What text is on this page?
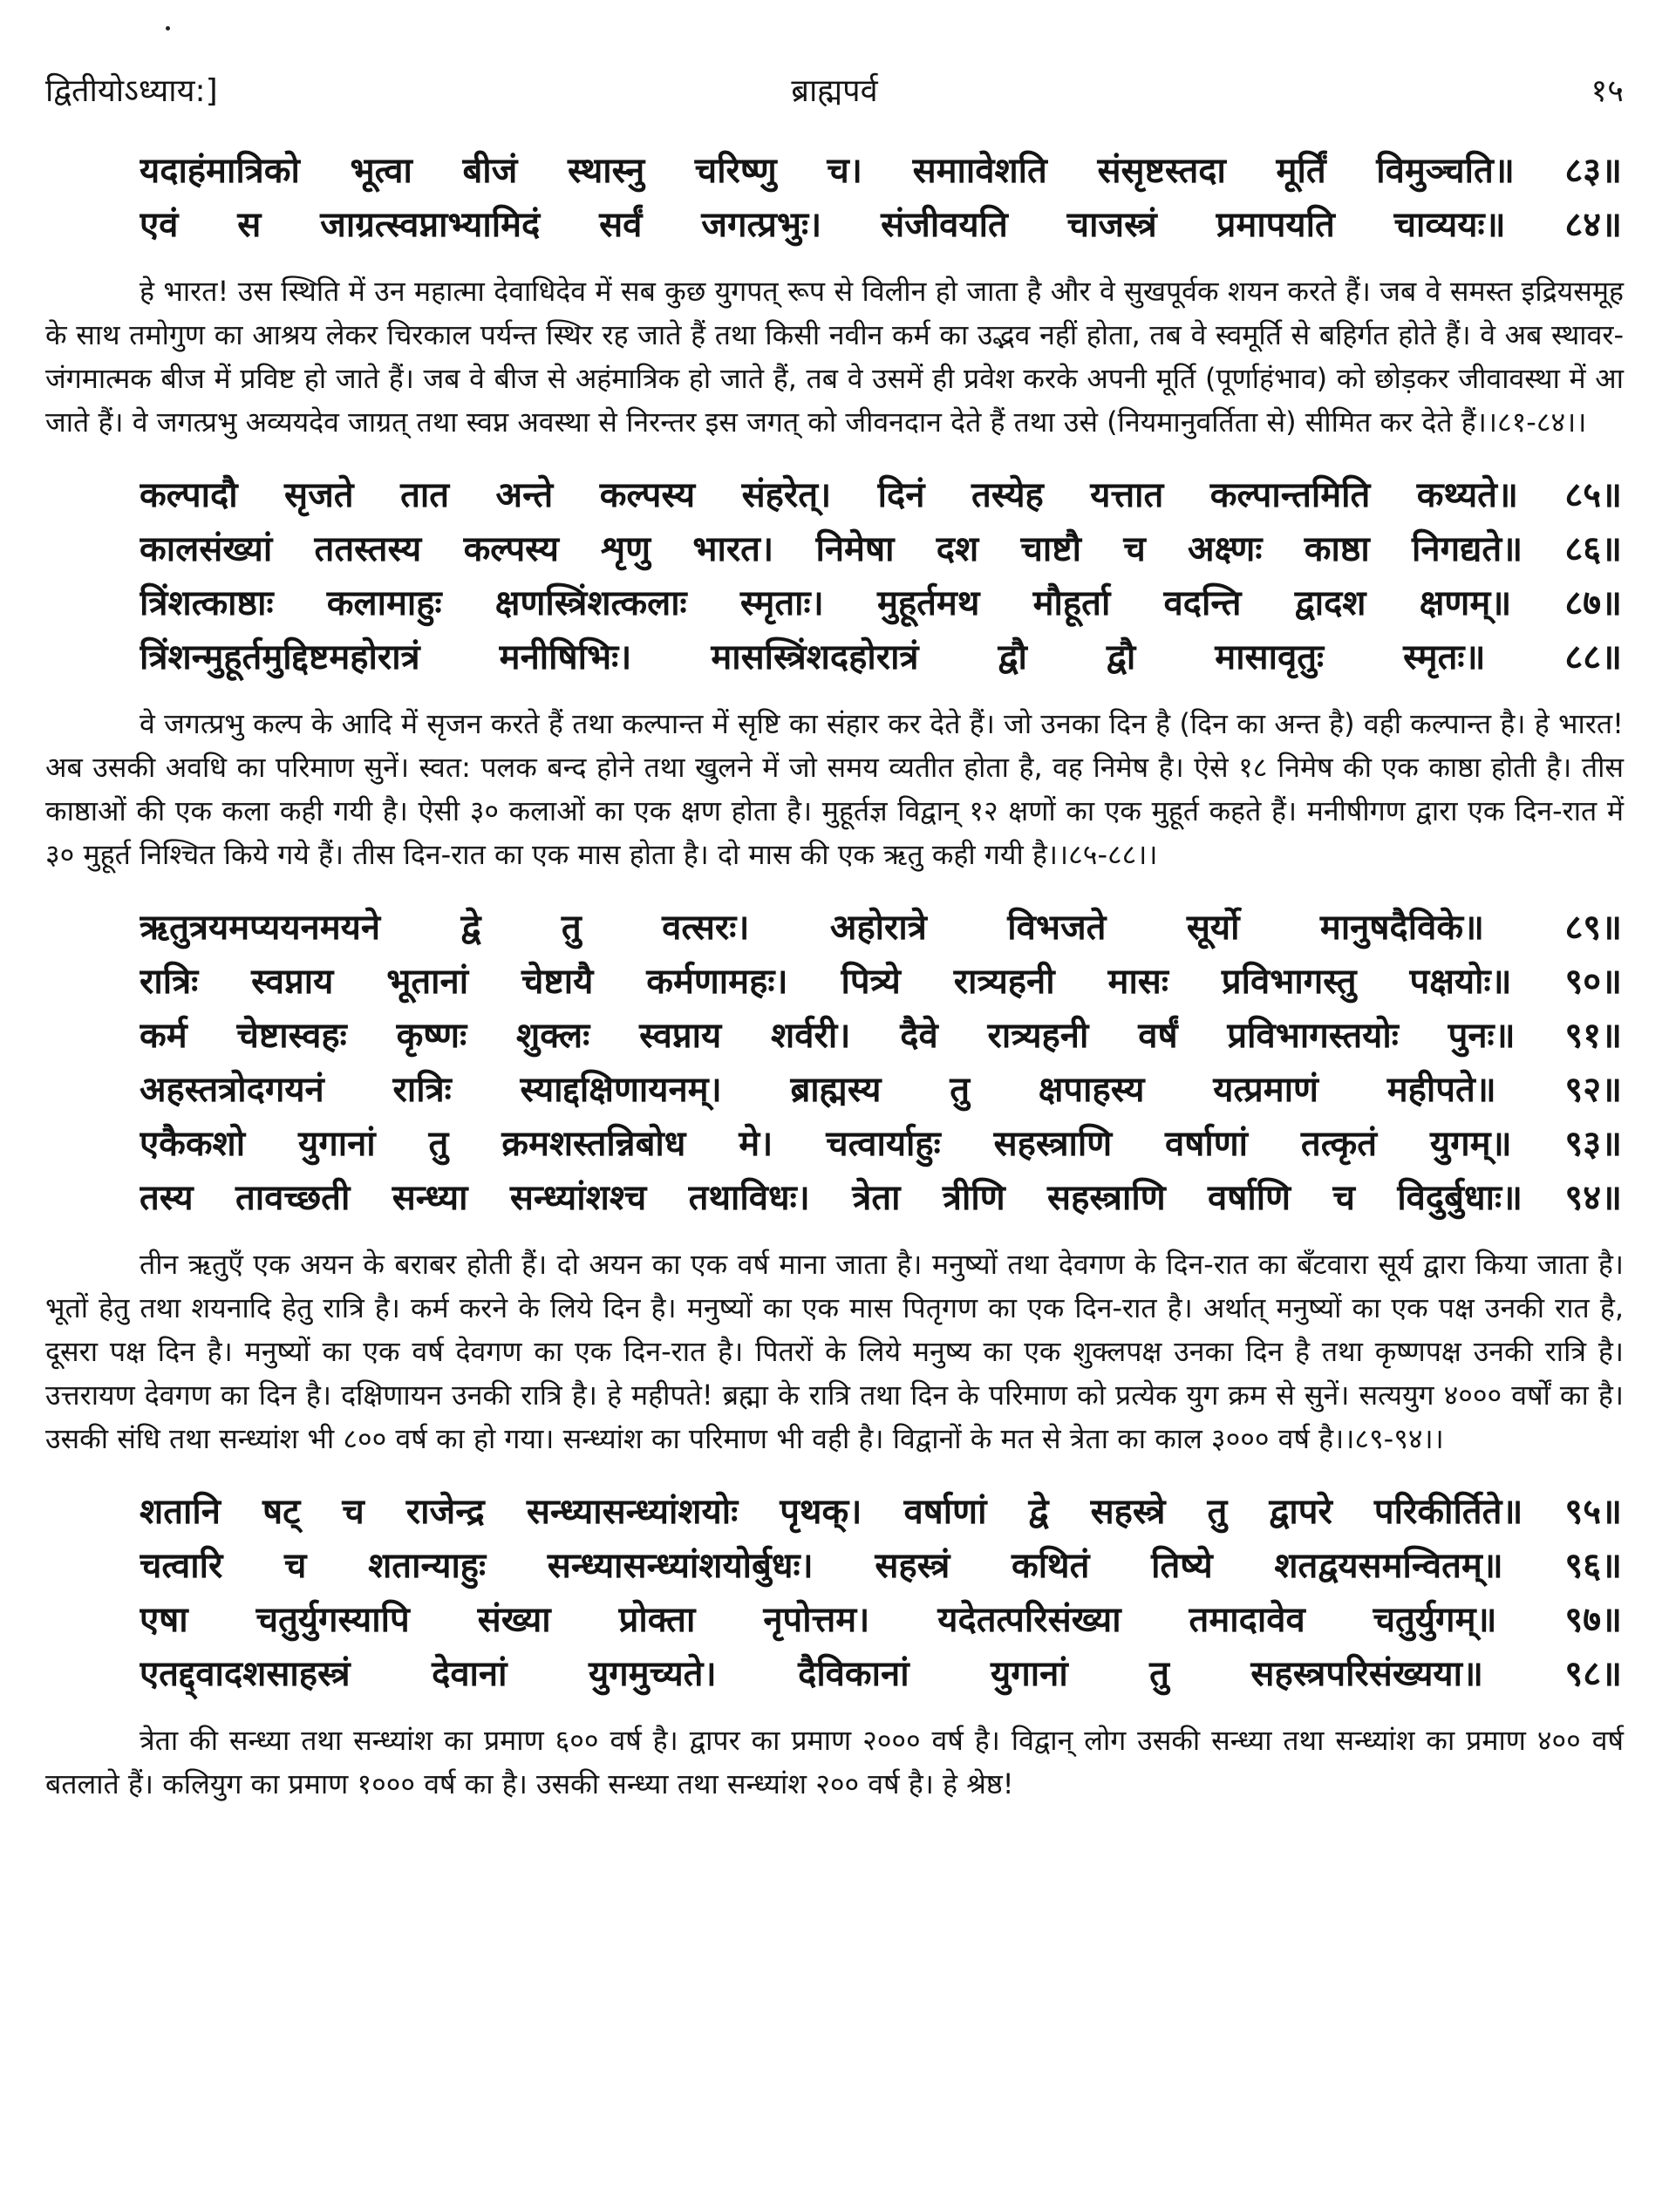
द्वितीयोऽध्याय:]	ब्राह्मपर्व	१५
यदाहंमात्रिको भूत्वा बीजं स्थास्नु चरिष्णु च। समाावेशति संसृष्टस्तदा मूर्तिं विमुञ्चति॥ ८३॥
एवं स जाग्रत्स्वप्नाभ्यामिदं सर्वं जगत्प्रभुः। संजीवयति चाजस्त्रं प्रमापयति चाव्ययः॥ ८४॥

हे भारत! उस स्थिति में उन महात्मा देवाधिदेव में सब कुछ युगपत् रूप से विलीन हो जाता है और वे सुखपूर्वक शयन करते हैं। जब वे समस्त इद्रियसमूह के साथ तमोगुण का आश्रय लेकर चिरकाल पर्यन्त स्थिर रह जाते हैं तथा किसी नवीन कर्म का उद्भव नहीं होता, तब वे स्वमूर्ति से बहिर्गत होते हैं। वे अब स्थावर- जंगमात्मक बीज में प्रविष्ट हो जाते हैं। जब वे बीज से अहंमात्रिक हो जाते हैं, तब वे उसमें ही प्रवेश करके अपनी मूर्ति (पूर्णाहंभाव) को छोड़कर जीवावस्था में आ जाते हैं। वे जगत्प्रभु अव्ययदेव जाग्रत् तथा स्वप्न अवस्था से निरन्तर इस जगत् को जीवनदान देते हैं तथा उसे (नियमानुवर्तिता से) सीमित कर देते हैं।।८१-८४।।

कल्पादौ सृजते तात अन्ते कल्पस्य संहरेत्। दिनं तस्येह यत्तात कल्पान्तमिति कथ्यते॥ ८५॥
कालसंख्यां ततस्तस्य कल्पस्य शृणु भारत। निमेषा दश चाष्टौ च अक्ष्णः काष्ठा निगद्यते॥ ८६॥
त्रिंशत्काष्ठाः कलामाहुः क्षणस्त्रिंशत्कलाः स्मृताः। मुहूर्तमथ मौहूर्ता वदन्ति द्वादश क्षणम्॥ ८७॥
त्रिंशन्मुहूर्तमुद्दिष्टमहोरात्रं मनीषिभिः। मासस्त्रिंशदहोरात्रं द्वौ द्वौ मासावृतुः स्मृतः॥ ८८॥

वे जगत्प्रभु कल्प के आदि में सृजन करते हैं तथा कल्पान्त में सृष्टि का संहार कर देते हैं। जो उनका दिन है (दिन का अन्त है) वही कल्पान्त है। हे भारत! अब उसकी अवधि का परिमाण सुनें। स्वत: पलक बन्द होने तथा खुलने में जो समय व्यतीत होता है, वह निमेष है। ऐसे १८ निमेष की एक काष्ठा होती है। तीस काष्ठाओं की एक कला कही गयी है। ऐसी ३० कलाओं का एक क्षण होता है। मुहूर्तज्ञ विद्वान् १२ क्षणों का एक मुहूर्त कहते हैं। मनीषीगण द्वारा एक दिन-रात में ३० मुहूर्त निश्चित किये गये हैं। तीस दिन-रात का एक मास होता है। दो मास की एक ऋतु कही गयी है।।८५-८८।।

ऋतुत्रयमप्ययनमयने द्वे तु वत्सरः। अहोरात्रे विभजते सूर्यो मानुषदैविके॥ ८९॥
रात्रिः स्वप्नाय भूतानां चेष्टायै कर्मणामहः। पित्र्ये रात्र्यहनी मासः प्रविभागस्तु पक्षयोः॥ ९०॥
कर्म चेष्टास्वहः कृष्णः शुक्लः स्वप्नाय शर्वरी। दैवे रात्र्यहनी वर्षं प्रविभागस्तयोः पुनः॥ ९१॥
अहस्तत्रोदगयनं रात्रिः स्याद्दक्षिणायनम्। ब्राह्मस्य तु क्षपाहस्य यत्प्रमाणं महीपते॥ ९२॥
एकैकशो युगानां तु क्रमशस्तन्निबोध मे। चत्वार्याहुः सहस्त्राणि वर्षाणां तत्कृतं युगम्॥ ९३॥
तस्य तावच्छती सन्ध्या सन्ध्यांशश्च तथाविधः। त्रेता त्रीणि सहस्त्राणि वर्षाणि च विदुर्बुधाः॥ ९४॥

तीन ऋतुएँ एक अयन के बराबर होती हैं। दो अयन का एक वर्ष माना जाता है। मनुष्यों तथा देवगण के दिन-रात का बँटवारा सूर्य द्वारा किया जाता है। भूतों हेतु तथा शयनादि हेतु रात्रि है। कर्म करने के लिये दिन है। मनुष्यों का एक मास पितृगण का एक दिन-रात है। अर्थात् मनुष्यों का एक पक्ष उनकी रात है, दूसरा पक्ष दिन है। मनुष्यों का एक वर्ष देवगण का एक दिन-रात है। पितरों के लिये मनुष्य का एक शुक्लपक्ष उनका दिन है तथा कृष्णपक्ष उनकी रात्रि है। उत्तरायण देवगण का दिन है। दक्षिणायन उनकी रात्रि है। हे महीपते! ब्रह्मा के रात्रि तथा दिन के परिमाण को प्रत्येक युग क्रम से सुनें। सत्ययुग ४००० वर्षों का है। उसकी संधि तथा सन्ध्यांश भी ८०० वर्ष का हो गया। सन्ध्यांश का परिमाण भी वही है। विद्वानों के मत से त्रेता का काल ३००० वर्ष है।।८९-९४।।

शतानि षट् च राजेन्द्र सन्ध्यासन्ध्यांशयोः पृथक्। वर्षाणां द्वे सहस्त्रे तु द्वापरे परिकीर्तिते॥ ९५॥
चत्वारि च शतान्याहुः सन्ध्यासन्ध्यांशयोर्बुधः। सहस्त्रं कथितं तिष्ये शतद्वयसमन्वितम्॥ ९६॥
एषा चतुर्युगस्यापि संख्या प्रोक्ता नृपोत्तम। यदेतत्परिसंख्या तमादावेव चतुर्युगम्॥ ९७॥
एतद्द्वादशसाहस्त्रं देवानां युगमुच्यते। दैविकानां युगानां तु सहस्त्रपरिसंख्यया॥ ९८॥

त्रेता की सन्ध्या तथा सन्ध्यांश का प्रमाण ६०० वर्ष है। द्वापर का प्रमाण २००० वर्ष है। विद्वान् लोग उसकी सन्ध्या तथा सन्ध्यांश का प्रमाण ४०० वर्ष बतलाते हैं। कलियुग का प्रमाण १००० वर्ष का है। उसकी सन्ध्या तथा सन्ध्यांश २०० वर्ष है। हे श्रेष्ठ!
